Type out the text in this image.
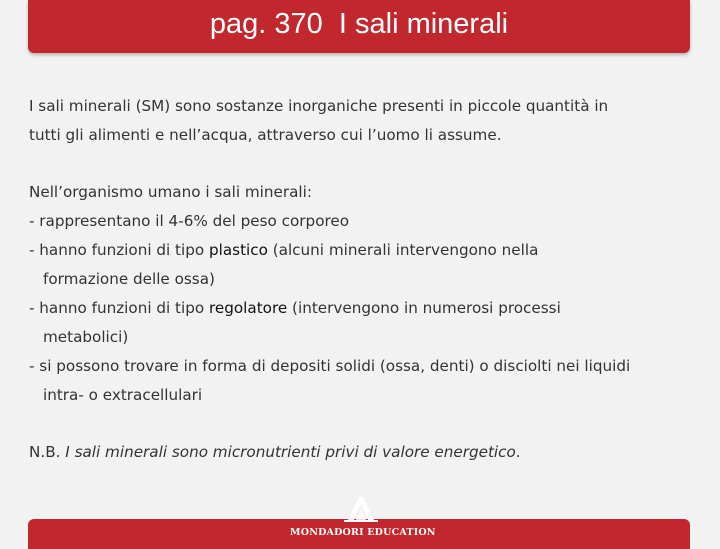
pag. 370  I sali minerali

I sali minerali (SM) sono sostanze inorganiche presenti in piccole quantità in

tutti gli alimenti e nell’acqua, attraverso cui l’uomo li assume.

Nell’organismo umano i sali minerali:

- rappresentano il 4-6% del peso corporeo

- hanno funzioni di tipo plastico (alcuni minerali intervengono nella

formazione delle ossa)

- hanno funzioni di tipo regolatore (intervengono in numerosi processi

metabolici)

- si possono trovare in forma di depositi solidi (ossa, denti) o disciolti nei liquidi

intra- o extracellulari

N.B. I sali minerali sono micronutrienti privi di valore energetico.

MONDADORI EDUCATION
